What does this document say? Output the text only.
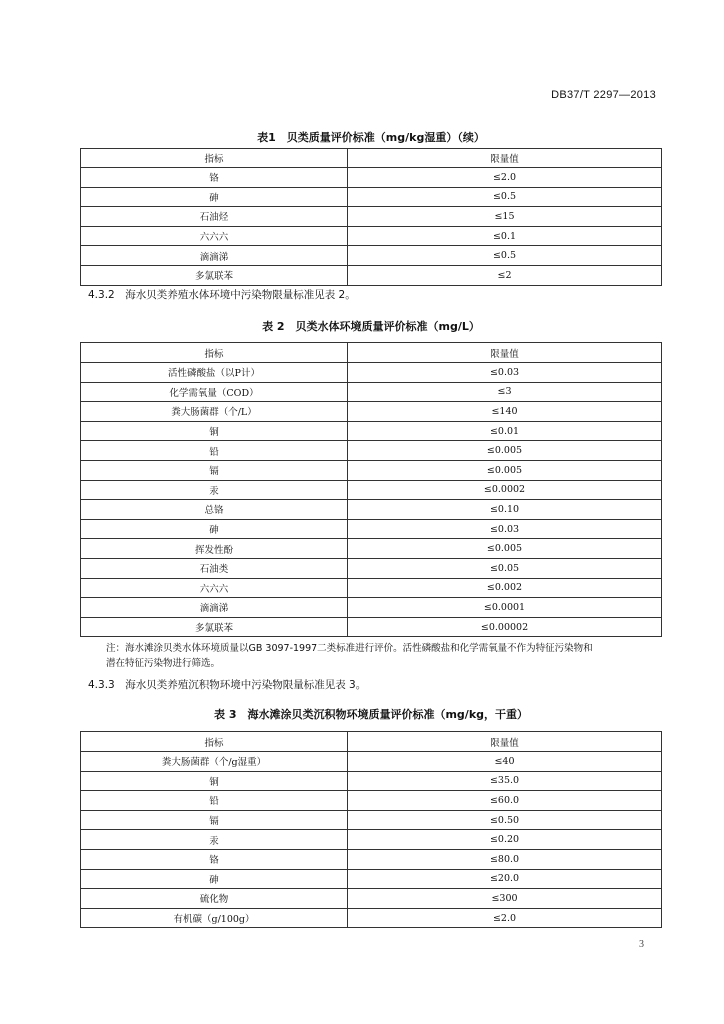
DB37/T 2297—2013
表1　贝类质量评价标准（mg/kg湿重）（续）
指标	限量值
铬	≤2.0
砷	≤0.5
石油烃	≤15
六六六	≤0.1
滴滴涕	≤0.5
多氯联苯	≤2
4.3.2　海水贝类养殖水体环境中污染物限量标准见表 2。
表 2　贝类水体环境质量评价标准（mg/L）
指标	限量值
活性磷酸盐（以P计）	≤0.03
化学需氧量（COD）	≤3
粪大肠菌群（个/L）	≤140
铜	≤0.01
铅	≤0.005
镉	≤0.005
汞	≤0.0002
总铬	≤0.10
砷	≤0.03
挥发性酚	≤0.005
石油类	≤0.05
六六六	≤0.002
滴滴涕	≤0.0001
多氯联苯	≤0.00002
注：海水滩涂贝类水体环境质量以GB 3097-1997二类标准进行评价。活性磷酸盐和化学需氧量不作为特征污染物和
潜在特征污染物进行筛选。
4.3.3　海水贝类养殖沉积物环境中污染物限量标准见表 3。
表 3　海水滩涂贝类沉积物环境质量评价标准（mg/kg，干重）
指标	限量值
粪大肠菌群（个/g湿重）	≤40
铜	≤35.0
铅	≤60.0
镉	≤0.50
汞	≤0.20
铬	≤80.0
砷	≤20.0
硫化物	≤300
有机碳（g/100g）	≤2.0
3
